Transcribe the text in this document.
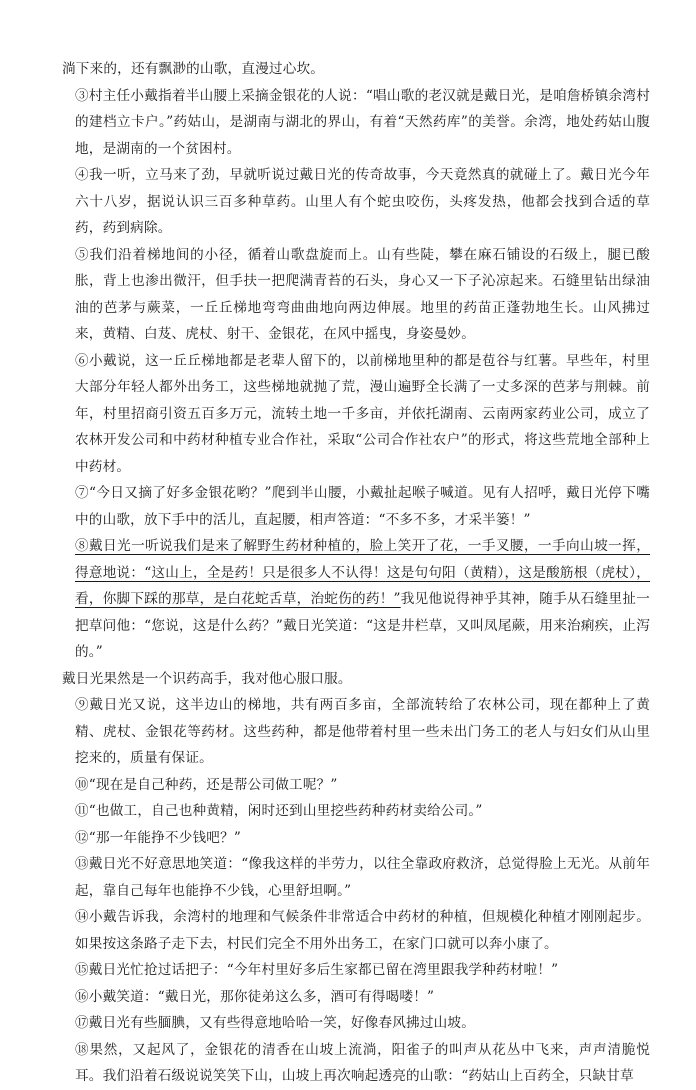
淌下来的，还有飘渺的山歌，直漫过心坎。

③村主任小戴指着半山腰上采摘金银花的人说：“唱山歌的老汉就是戴日光，是咱詹桥镇余湾村的建档立卡户。”药姑山，是湖南与湖北的界山，有着“天然药库”的美誉。余湾，地处药姑山腹地，是湖南的一个贫困村。

④我一听，立马来了劲，早就听说过戴日光的传奇故事，今天竟然真的就碰上了。戴日光今年六十八岁，据说认识三百多种草药。山里人有个蛇虫咬伤，头疼发热，他都会找到合适的草药，药到病除。

⑤我们沿着梯地间的小径，循着山歌盘旋而上。山有些陡，攀在麻石铺设的石级上，腿已酸胀，背上也渗出微汗，但手扶一把爬满青苔的石头，身心又一下子沁凉起来。石缝里钻出绿油油的芭茅与蕨菜，一丘丘梯地弯弯曲曲地向两边伸展。地里的药苗正蓬勃地生长。山风拂过来，黄精、白芨、虎杖、射干、金银花，在风中摇曳，身姿曼妙。

⑥小戴说，这一丘丘梯地都是老辈人留下的，以前梯地里种的都是苞谷与红薯。早些年，村里大部分年轻人都外出务工，这些梯地就抛了荒，漫山遍野全长满了一丈多深的芭茅与荆棘。前年，村里招商引资五百多万元，流转土地一千多亩，并依托湖南、云南两家药业公司，成立了农林开发公司和中药材种植专业合作社，采取“公司合作社农户”的形式，将这些荒地全部种上中药材。

⑦“今日又摘了好多金银花哟？”爬到半山腰，小戴扯起喉子喊道。见有人招呼，戴日光停下嘴中的山歌，放下手中的活儿，直起腰，相声答道：“不多不多，才采半篓！”

⑧戴日光一听说我们是来了解野生药材种植的，脸上笑开了花，一手叉腰，一手向山坡一挥，得意地说：“这山上，全是药！只是很多人不认得！这是句句阳（黄精），这是酸筋根（虎杖），看，你脚下踩的那草，是白花蛇舌草，治蛇伤的药！”我见他说得神乎其神，随手从石缝里扯一把草问他：“您说，这是什么药？”戴日光笑道：“这是井栏草，又叫凤尾蕨，用来治痢疾，止泻的。”

戴日光果然是一个识药高手，我对他心服口服。

⑨戴日光又说，这半边山的梯地，共有两百多亩，全部流转给了农林公司，现在都种上了黄精、虎杖、金银花等药材。这些药种，都是他带着村里一些未出门务工的老人与妇女们从山里挖来的，质量有保证。

⑩“现在是自己种药，还是帮公司做工呢？”

⑪“也做工，自己也种黄精，闲时还到山里挖些药种药材卖给公司。”

⑫“那一年能挣不少钱吧？”

⑬戴日光不好意思地笑道：“像我这样的半劳力，以往全靠政府救济，总觉得脸上无光。从前年起，靠自己每年也能挣不少钱，心里舒坦啊。”

⑭小戴告诉我，余湾村的地理和气候条件非常适合中药材的种植，但规模化种植才刚刚起步。如果按这条路子走下去，村民们完全不用外出务工，在家门口就可以奔小康了。

⑮戴日光忙抢过话把子：“今年村里好多后生家都已留在湾里跟我学种药材啦！”

⑯小戴笑道：“戴日光，那你徒弟这么多，酒可有得喝喽！”

⑰戴日光有些腼腆，又有些得意地哈哈一笑，好像春风拂过山坡。

⑱果然，又起风了，金银花的清香在山坡上流淌，阳雀子的叫声从花丛中飞来，声声清脆悦耳。我们沿着石级说说笑笑下山，山坡上再次响起透亮的山歌：“药姑山上百药全，只缺甘草
